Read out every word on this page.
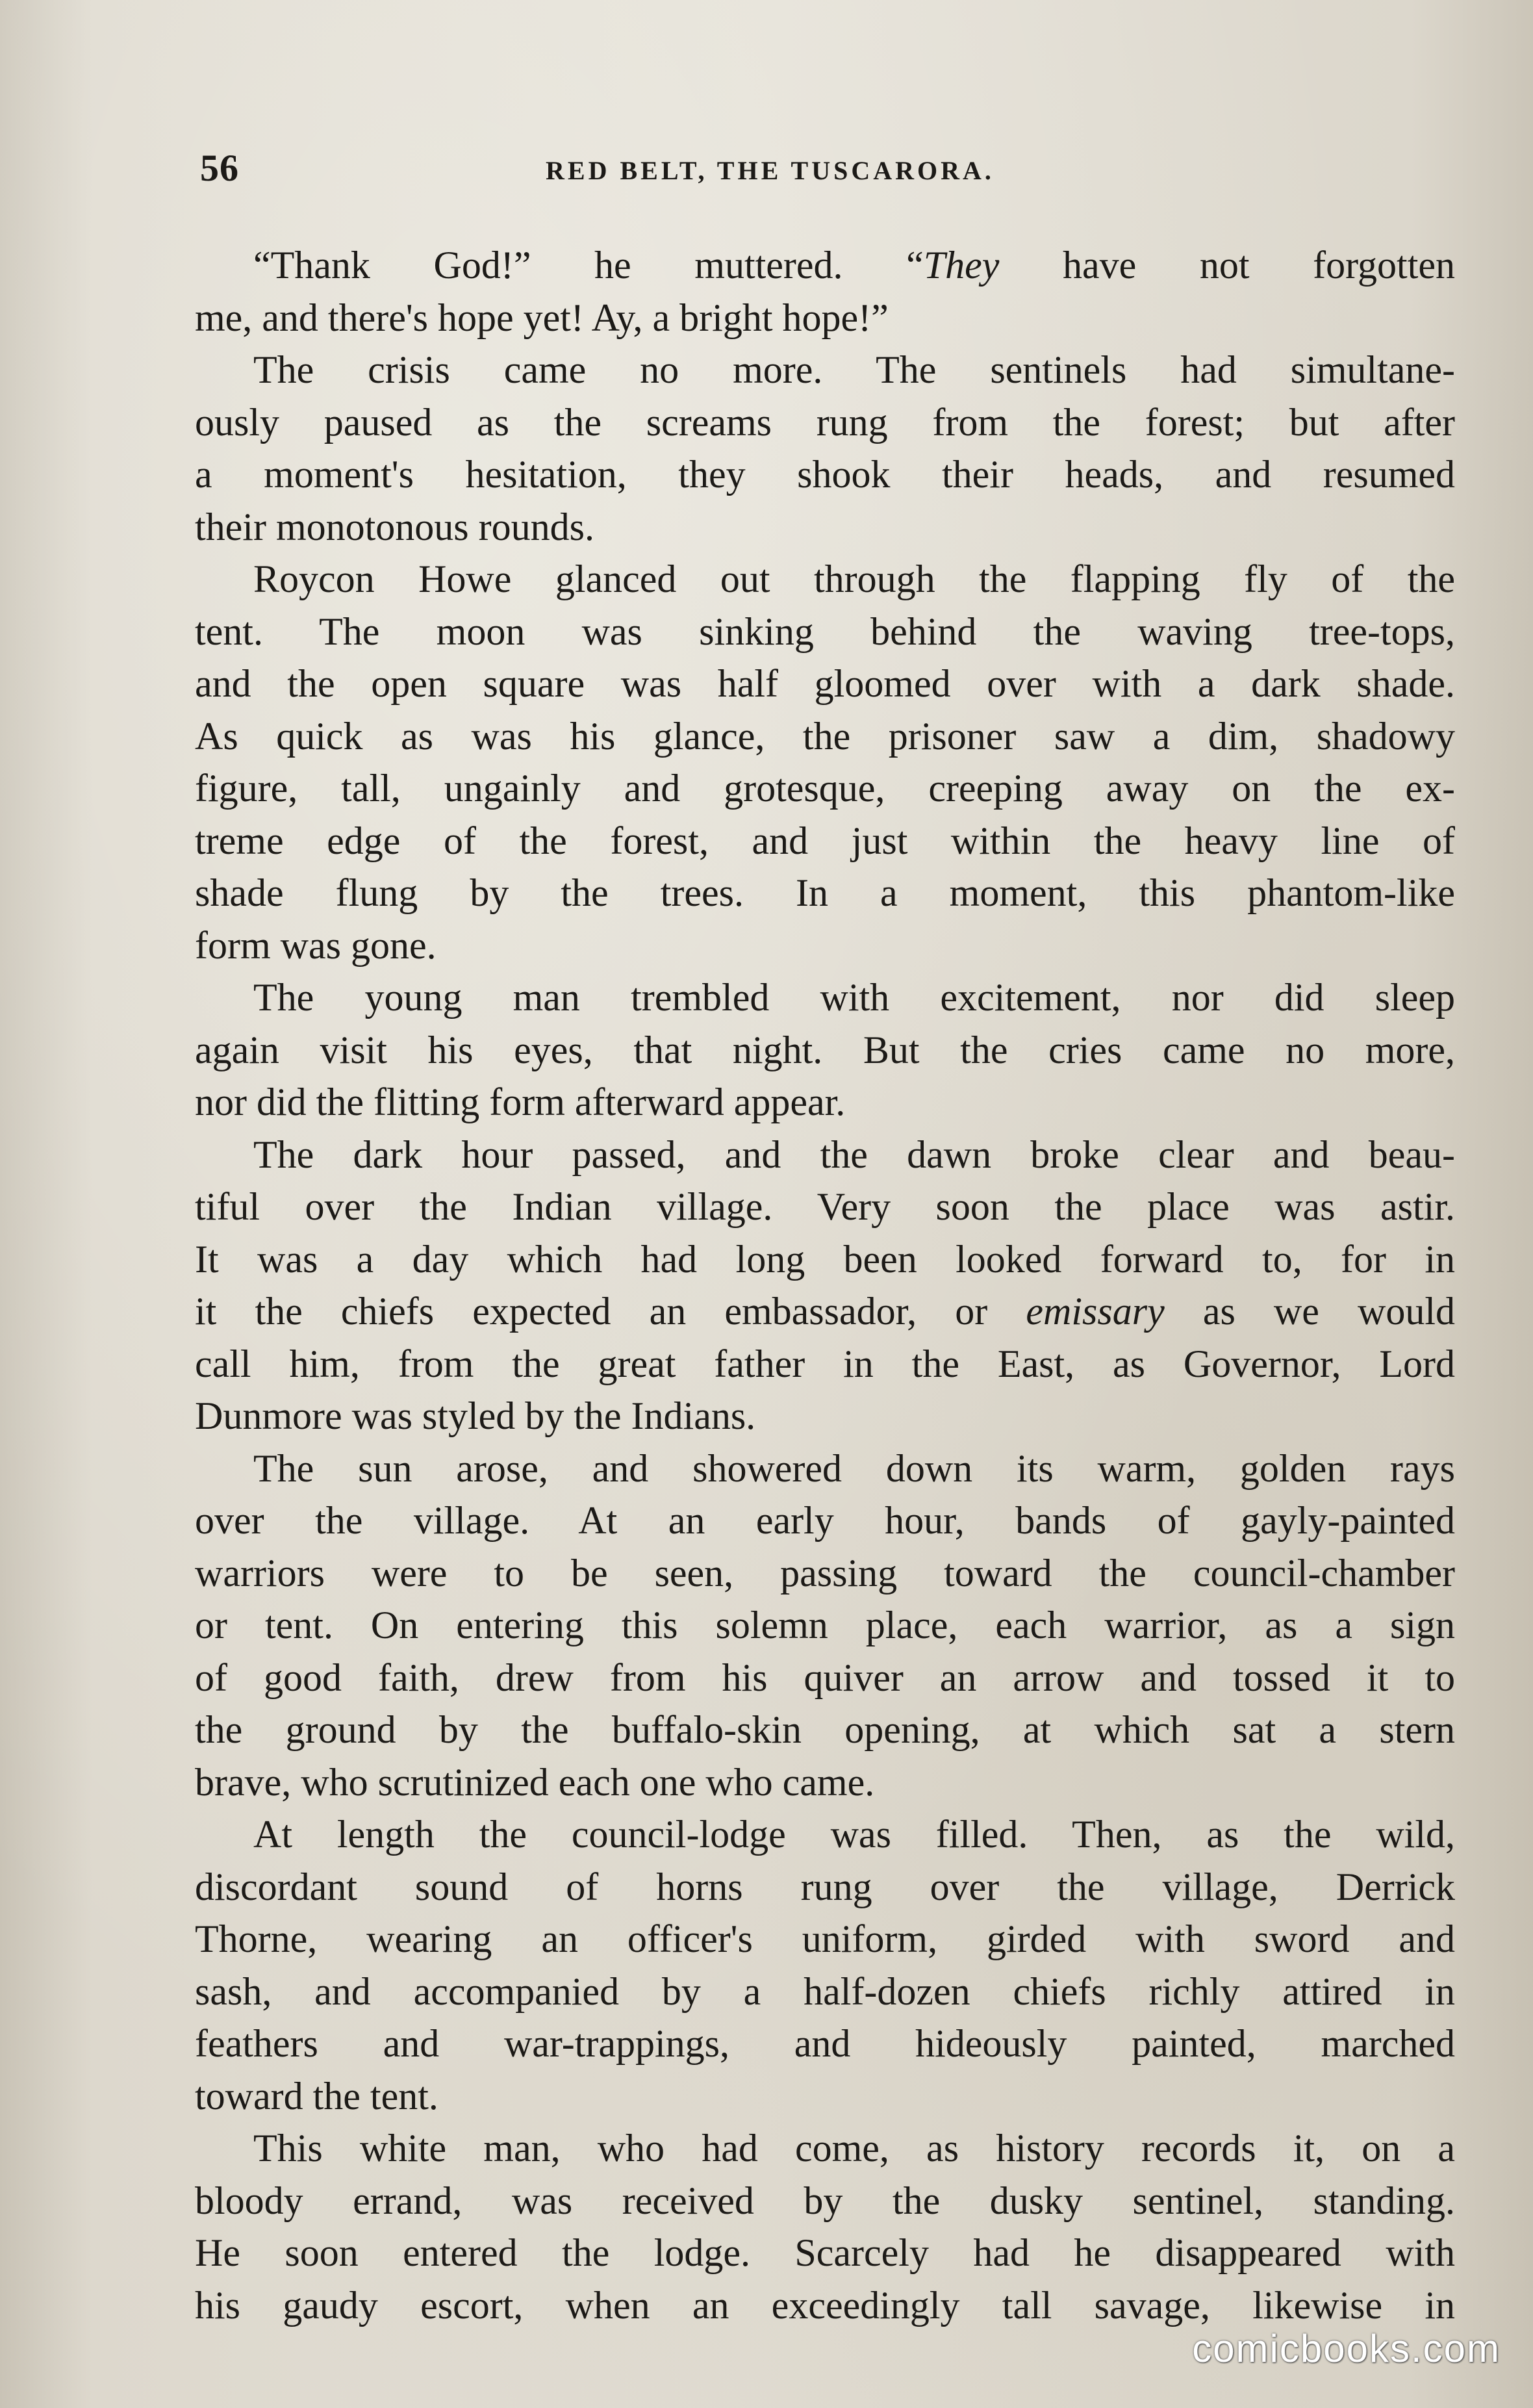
56	RED BELT, THE TUSCARORA.
“Thank God!” he muttered. “They have not forgotten
me, and there's hope yet! Ay, a bright hope!”
The crisis came no more. The sentinels had simultane-
ously paused as the screams rung from the forest; but after
a moment's hesitation, they shook their heads, and resumed
their monotonous rounds.
Roycon Howe glanced out through the flapping fly of the
tent. The moon was sinking behind the waving tree-tops,
and the open square was half gloomed over with a dark shade.
As quick as was his glance, the prisoner saw a dim, shadowy
figure, tall, ungainly and grotesque, creeping away on the ex-
treme edge of the forest, and just within the heavy line of
shade flung by the trees. In a moment, this phantom-like
form was gone.
The young man trembled with excitement, nor did sleep
again visit his eyes, that night. But the cries came no more,
nor did the flitting form afterward appear.
The dark hour passed, and the dawn broke clear and beau-
tiful over the Indian village. Very soon the place was astir.
It was a day which had long been looked forward to, for in
it the chiefs expected an embassador, or emissary as we would
call him, from the great father in the East, as Governor, Lord
Dunmore was styled by the Indians.
The sun arose, and showered down its warm, golden rays
over the village. At an early hour, bands of gayly-painted
warriors were to be seen, passing toward the council-chamber
or tent. On entering this solemn place, each warrior, as a sign
of good faith, drew from his quiver an arrow and tossed it to
the ground by the buffalo-skin opening, at which sat a stern
brave, who scrutinized each one who came.
At length the council-lodge was filled. Then, as the wild,
discordant sound of horns rung over the village, Derrick
Thorne, wearing an officer's uniform, girded with sword and
sash, and accompanied by a half-dozen chiefs richly attired in
feathers and war-trappings, and hideously painted, marched
toward the tent.
This white man, who had come, as history records it, on a
bloody errand, was received by the dusky sentinel, standing.
He soon entered the lodge. Scarcely had he disappeared with
his gaudy escort, when an exceedingly tall savage, likewise in
comicbooks.com
